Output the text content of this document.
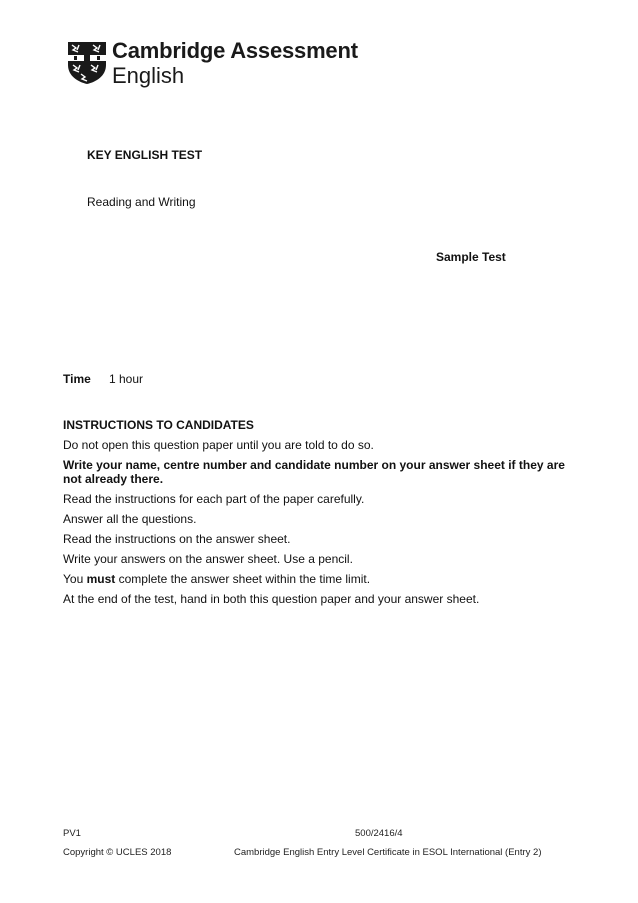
Cambridge Assessment
English
KEY ENGLISH TEST
Reading and Writing
Sample Test
Time 1 hour
INSTRUCTIONS TO CANDIDATES
Do not open this question paper until you are told to do so.
Write your name, centre number and candidate number on your answer sheet if they are not already there.
Read the instructions for each part of the paper carefully.
Answer all the questions.
Read the instructions on the answer sheet.
Write your answers on the answer sheet. Use a pencil.
You must complete the answer sheet within the time limit.
At the end of the test, hand in both this question paper and your answer sheet.
PV1	500/2416/4
Copyright © UCLES 2018	Cambridge English Entry Level Certificate in ESOL International (Entry 2)
